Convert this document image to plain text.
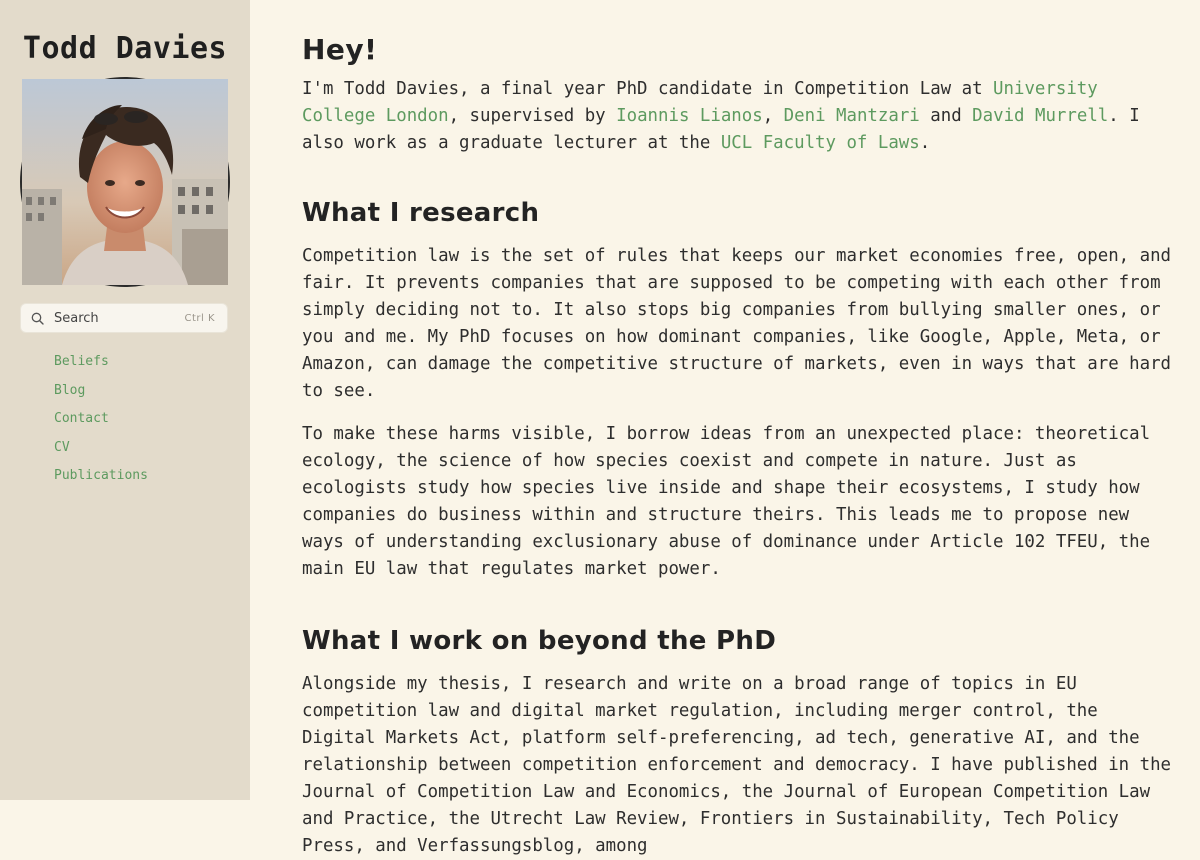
Todd Davies
Search	Ctrl K
Beliefs
Blog
Contact
CV
Publications
Hey!

I'm Todd Davies, a final year PhD candidate in Competition Law at University College London, supervised by Ioannis Lianos, Deni Mantzari and David Murrell. I also work as a graduate lecturer at the UCL Faculty of Laws.

What I research

Competition law is the set of rules that keeps our market economies free, open, and fair. It prevents companies that are supposed to be competing with each other from simply deciding not to. It also stops big companies from bullying smaller ones, or you and me. My PhD focuses on how dominant companies, like Google, Apple, Meta, or Amazon, can damage the competitive structure of markets, even in ways that are hard to see.

To make these harms visible, I borrow ideas from an unexpected place: theoretical ecology, the science of how species coexist and compete in nature. Just as ecologists study how species live inside and shape their ecosystems, I study how companies do business within and structure theirs. This leads me to propose new ways of understanding exclusionary abuse of dominance under Article 102 TFEU, the main EU law that regulates market power.

What I work on beyond the PhD

Alongside my thesis, I research and write on a broad range of topics in EU competition law and digital market regulation, including merger control, the Digital Markets Act, platform self-preferencing, ad tech, generative AI, and the relationship between competition enforcement and democracy. I have published in the Journal of Competition Law and Economics, the Journal of European Competition Law and Practice, the Utrecht Law Review, Frontiers in Sustainability, Tech Policy Press, and Verfassungsblog, among
